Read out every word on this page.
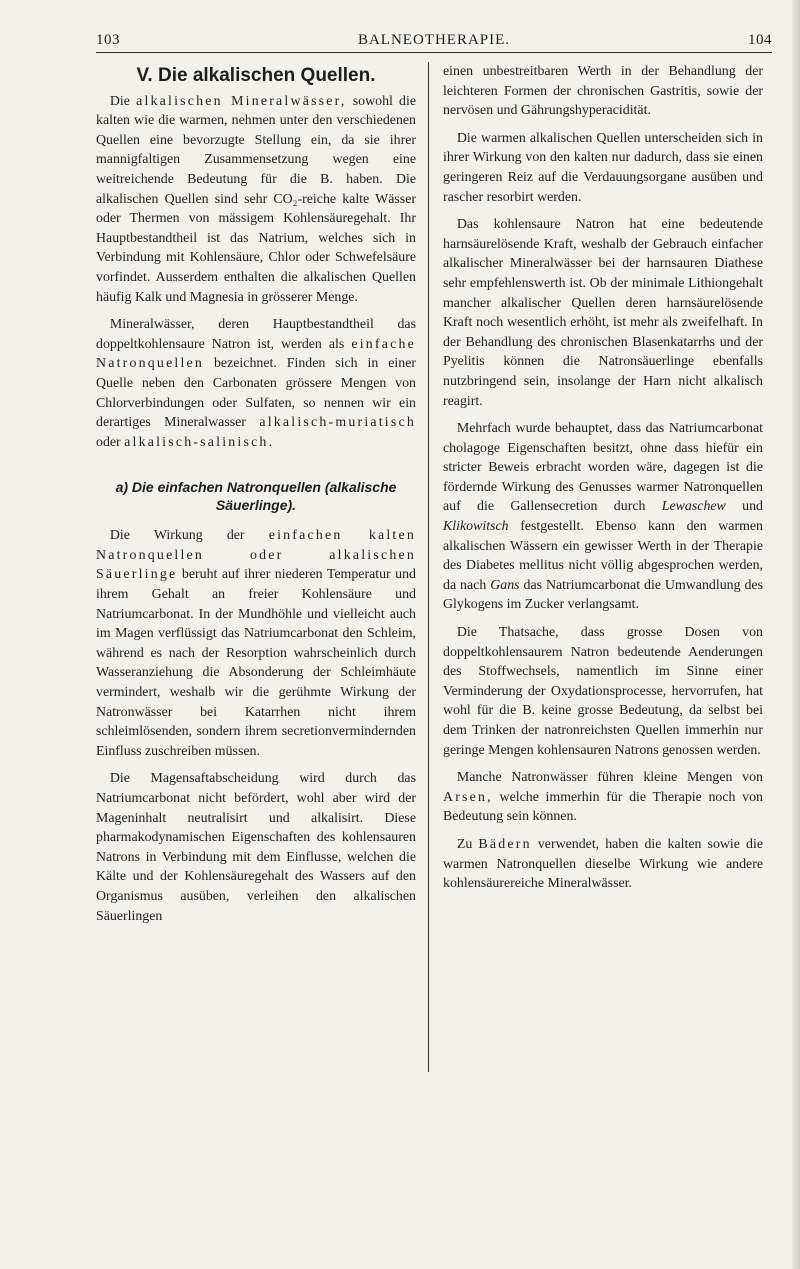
103	BALNEOTHERAPIE.	104
V. Die alkalischen Quellen.

Die alkalischen Mineralwässer, sowohl die kalten wie die warmen, nehmen unter den verschiedenen Quellen eine bevorzugte Stellung ein, da sie ihrer mannigfaltigen Zusammensetzung wegen eine weitreichende Bedeutung für die B. haben. Die alkalischen Quellen sind sehr CO₂-reiche kalte Wässer oder Thermen von mässigem Kohlensäuregehalt. Ihr Hauptbestandtheil ist das Natrium, welches sich in Verbindung mit Kohlensäure, Chlor oder Schwefelsäure vorfindet. Ausserdem enthalten die alkalischen Quellen häufig Kalk und Magnesia in grösserer Menge.

Mineralwässer, deren Hauptbestandtheil das doppeltkohlensaure Natron ist, werden als einfache Natronquellen bezeichnet. Finden sich in einer Quelle neben den Carbonaten grössere Mengen von Chlorverbindungen oder Sulfaten, so nennen wir ein derartiges Mineralwasser alkalisch-muriatisch oder alkalisch-salinisch.

a) Die einfachen Natronquellen (alkalische Säuerlinge).

Die Wirkung der einfachen kalten Natronquellen oder alkalischen Säuerlinge beruht auf ihrer niederen Temperatur und ihrem Gehalt an freier Kohlensäure und Natriumcarbonat. In der Mundhöhle und vielleicht auch im Magen verflüssigt das Natriumcarbonat den Schleim, während es nach der Resorption wahrscheinlich durch Wasseranziehung die Absonderung der Schleimhäute vermindert, weshalb wir die gerühmte Wirkung der Natronwässer bei Katarrhen nicht ihrem schleimlösenden, sondern ihrem secretionvermindernden Einfluss zuschreiben müssen.

Die Magensaftabscheidung wird durch das Natriumcarbonat nicht befördert, wohl aber wird der Mageninhalt neutralisirt und alkalisirt. Diese pharmakodynamischen Eigenschaften des kohlensauren Natrons in Verbindung mit dem Einflusse, welchen die Kälte und der Kohlensäuregehalt des Wassers auf den Organismus ausüben, verleihen den alkalischen Säuerlingen

einen unbestreitbaren Werth in der Behandlung der leichteren Formen der chronischen Gastritis, sowie der nervösen und Gährungshyperacidität.

Die warmen alkalischen Quellen unterscheiden sich in ihrer Wirkung von den kalten nur dadurch, dass sie einen geringeren Reiz auf die Verdauungsorgane ausüben und rascher resorbirt werden.

Das kohlensaure Natron hat eine bedeutende harnsäurelösende Kraft, weshalb der Gebrauch einfacher alkalischer Mineralwässer bei der harnsauren Diathese sehr empfehlenswerth ist. Ob der minimale Lithiongehalt mancher alkalischer Quellen deren harnsäurelösende Kraft noch wesentlich erhöht, ist mehr als zweifelhaft. In der Behandlung des chronischen Blasenkatarrhs und der Pyelitis können die Natronsäuerlinge ebenfalls nutzbringend sein, insolange der Harn nicht alkalisch reagirt.

Mehrfach wurde behauptet, dass das Natriumcarbonat cholagoge Eigenschaften besitzt, ohne dass hiefür ein stricter Beweis erbracht worden wäre, dagegen ist die fördernde Wirkung des Genusses warmer Natronquellen auf die Gallensecretion durch Lewaschew und Klikowitsch festgestellt. Ebenso kann den warmen alkalischen Wässern ein gewisser Werth in der Therapie des Diabetes mellitus nicht völlig abgesprochen werden, da nach Gans das Natriumcarbonat die Umwandlung des Glykogens im Zucker verlangsamt.

Die Thatsache, dass grosse Dosen von doppeltkohlensaurem Natron bedeutende Aenderungen des Stoffwechsels, namentlich im Sinne einer Verminderung der Oxydationsprocesse, hervorrufen, hat wohl für die B. keine grosse Bedeutung, da selbst bei dem Trinken der natronreichsten Quellen immerhin nur geringe Mengen kohlensauren Natrons genossen werden.

Manche Natronwässer führen kleine Mengen von Arsen, welche immerhin für die Therapie noch von Bedeutung sein können.

Zu Bädern verwendet, haben die kalten sowie die warmen Natronquellen dieselbe Wirkung wie andere kohlensäurereiche Mineralwässer.
